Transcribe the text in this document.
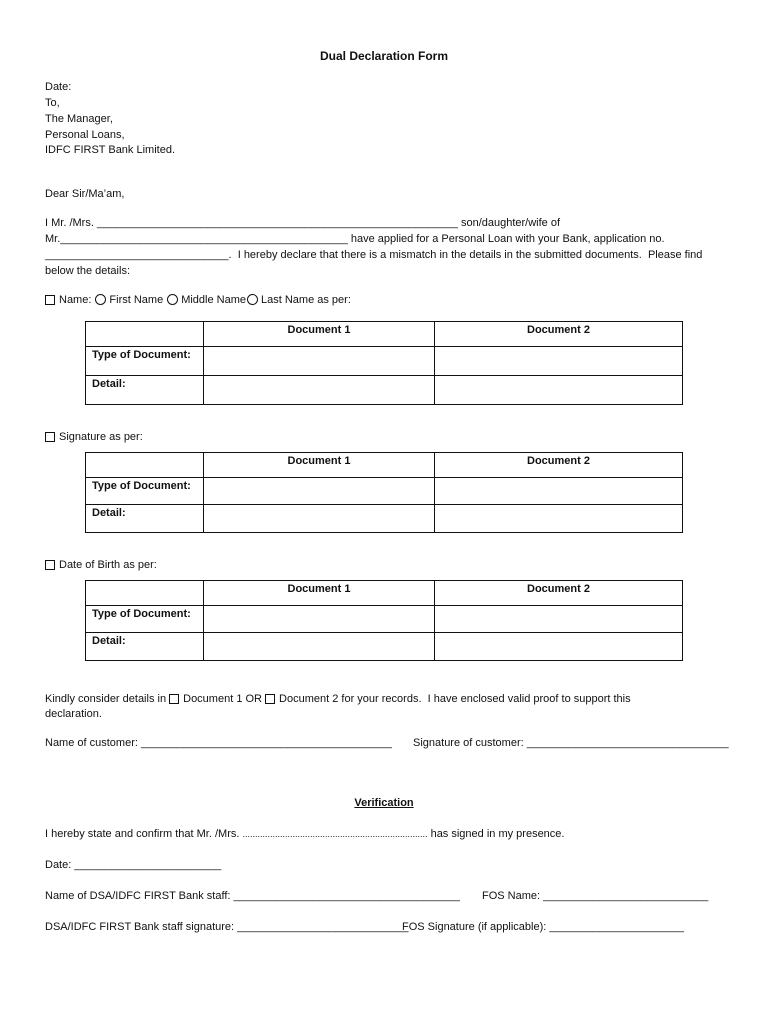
Dual Declaration Form
Date:
To,
The Manager,
Personal Loans,
IDFC FIRST Bank Limited.
Dear Sir/Ma’am,
I Mr. /Mrs. ___________________________________________________________ son/daughter/wife of
Mr._______________________________________________ have applied for a Personal Loan with your Bank, application no.
______________________________.  I hereby declare that there is a mismatch in the details in the submitted documents.  Please find
below the details:
Name: First Name Middle Name Last Name as per:
	Document 1	Document 2
Type of Document:		
Detail:		
Signature as per:
	Document 1	Document 2
Type of Document:		
Detail:		
Date of Birth as per:
	Document 1	Document 2
Type of Document:		
Detail:		
Kindly consider details in Document 1 OR Document 2 for your records.  I have enclosed valid proof to support this
declaration.
Name of customer: _________________________________________ Signature of customer: _________________________________
Verification
I hereby state and confirm that Mr. /Mrs. .......................................................................... has signed in my presence.
Date: ________________________
Name of DSA/IDFC FIRST Bank staff: _____________________________________ FOS Name: ___________________________
DSA/IDFC FIRST Bank staff signature: ____________________________
FOS Signature (if applicable): ______________________
